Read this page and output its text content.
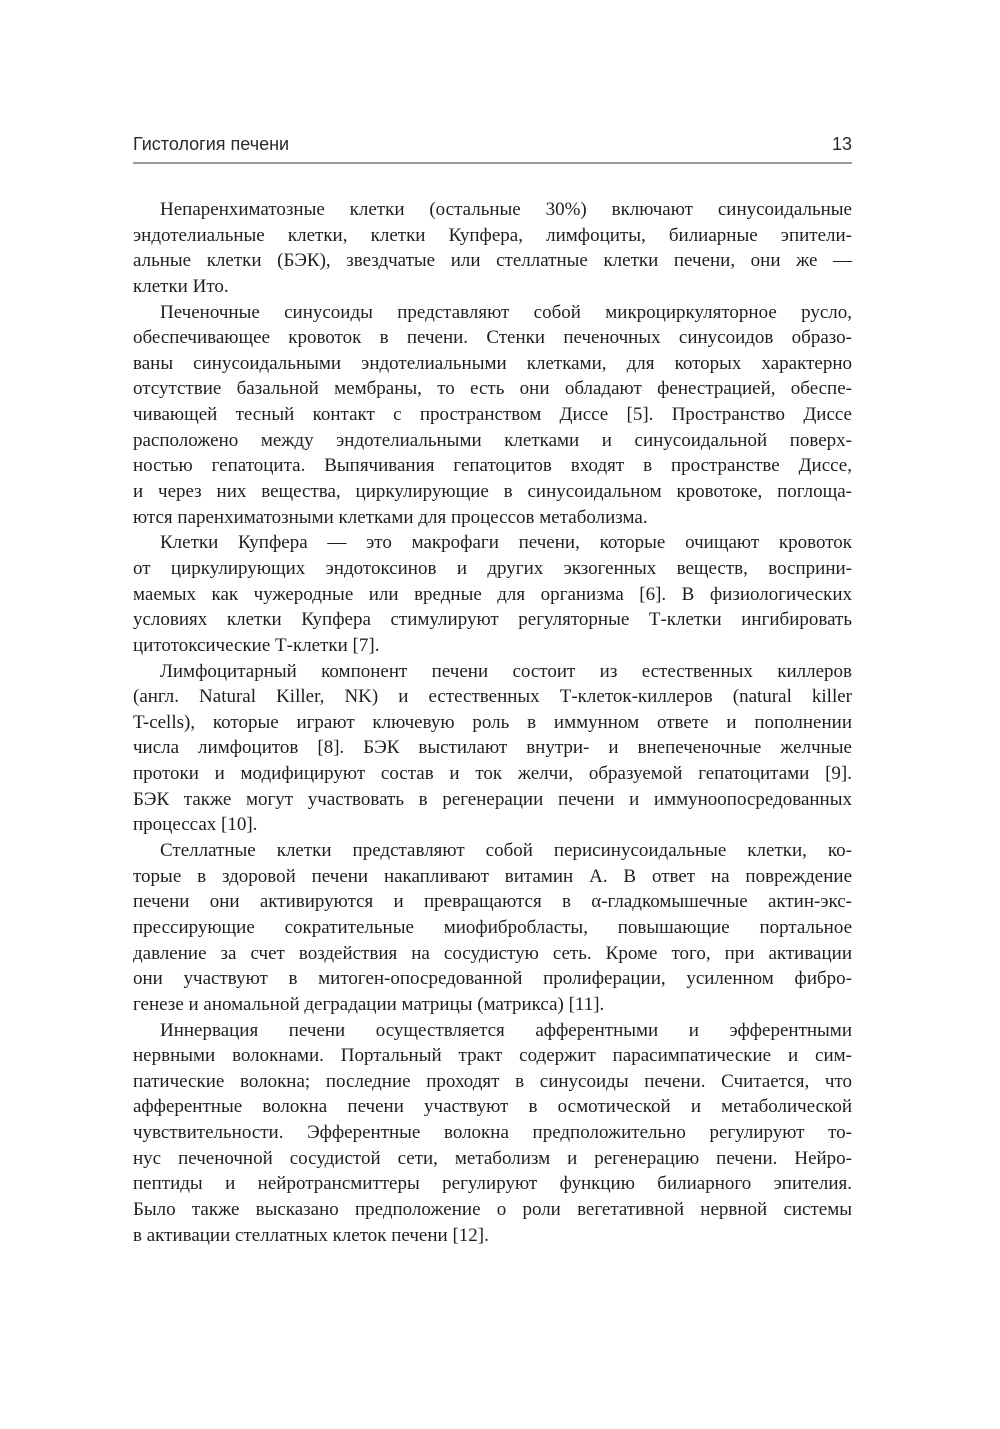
Гистология печени	13
Непаренхиматозные клетки (остальные 30%) включают синусоидальные
эндотелиальные клетки, клетки Купфера, лимфоциты, билиарные эпители-
альные клетки (БЭК), звездчатые или стеллатные клетки печени, они же —
клетки Ито.
Печеночные синусоиды представляют собой микроциркуляторное русло,
обеспечивающее кровоток в печени. Стенки печеночных синусоидов образо-
ваны синусоидальными эндотелиальными клетками, для которых характерно
отсутствие базальной мембраны, то есть они обладают фенестрацией, обеспе-
чивающей тесный контакт с пространством Диссе [5]. Пространство Диссе
расположено между эндотелиальными клетками и синусоидальной поверх-
ностью гепатоцита. Выпячивания гепатоцитов входят в пространстве Диссе,
и через них вещества, циркулирующие в синусоидальном кровотоке, поглоща-
ются паренхиматозными клетками для процессов метаболизма.
Клетки Купфера — это макрофаги печени, которые очищают кровоток
от циркулирующих эндотоксинов и других экзогенных веществ, восприни-
маемых как чужеродные или вредные для организма [6]. В физиологических
условиях клетки Купфера стимулируют регуляторные Т-клетки ингибировать
цитотоксические Т-клетки [7].
Лимфоцитарный компонент печени состоит из естественных киллеров
(англ. Natural Killer, NK) и естественных Т-клеток-киллеров (natural killer
T-cells), которые играют ключевую роль в иммунном ответе и пополнении
числа лимфоцитов [8]. БЭК выстилают внутри- и внепеченочные желчные
протоки и модифицируют состав и ток желчи, образуемой гепатоцитами [9].
БЭК также могут участвовать в регенерации печени и иммуноопосредованных
процессах [10].
Стеллатные клетки представляют собой перисинусоидальные клетки, ко-
торые в здоровой печени накапливают витамин А. В ответ на повреждение
печени они активируются и превращаются в α-гладкомышечные актин-экс-
прессирующие сократительные миофибробласты, повышающие портальное
давление за счет воздействия на сосудистую сеть. Кроме того, при активации
они участвуют в митоген-опосредованной пролиферации, усиленном фибро-
генезе и аномальной деградации матрицы (матрикса) [11].
Иннервация печени осуществляется афферентными и эфферентными
нервными волокнами. Портальный тракт содержит парасимпатические и сим-
патические волокна; последние проходят в синусоиды печени. Считается, что
афферентные волокна печени участвуют в осмотической и метаболической
чувствительности. Эфферентные волокна предположительно регулируют то-
нус печеночной сосудистой сети, метаболизм и регенерацию печени. Нейро-
пептиды и нейротрансмиттеры регулируют функцию билиарного эпителия.
Было также высказано предположение о роли вегетативной нервной системы
в активации стеллатных клеток печени [12].
